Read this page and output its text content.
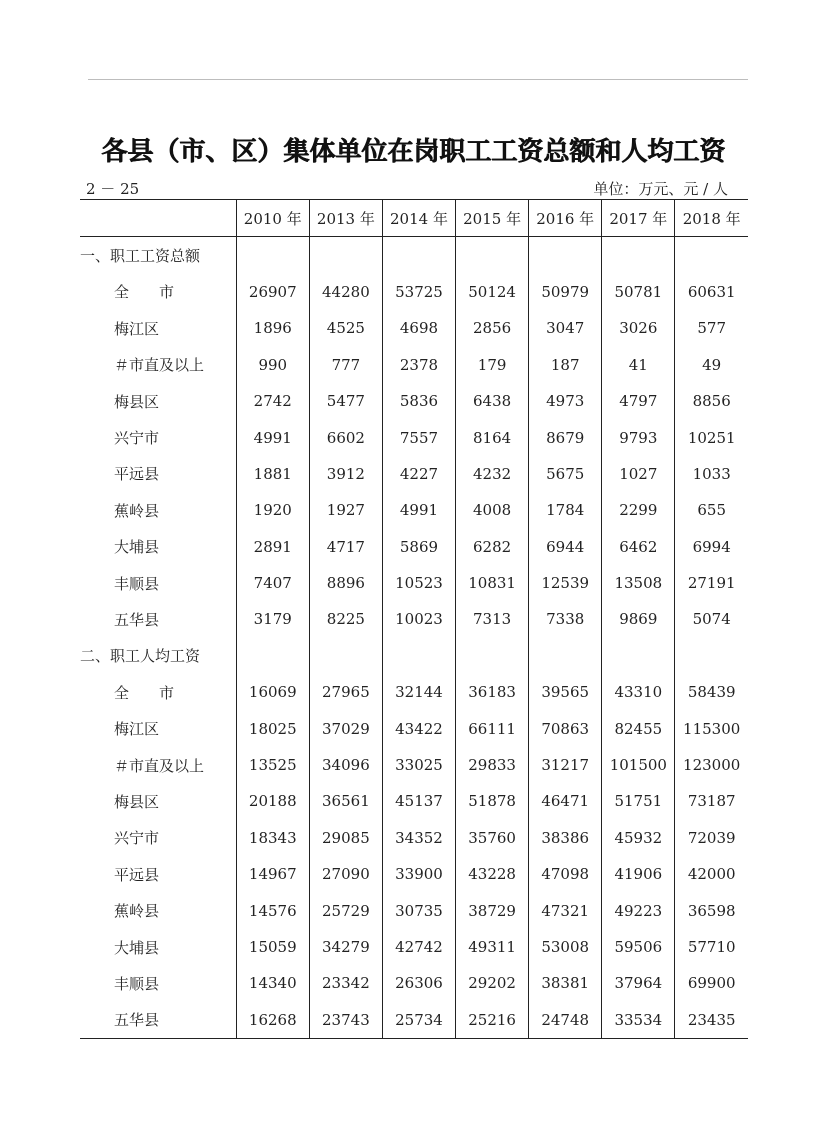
各县（市、区）集体单位在岗职工工资总额和人均工资
2 － 25	单位：万元、元 / 人
	2010 年	2013 年	2014 年	2015 年	2016 年	2017 年	2018 年
一、职工工资总额							
全　　市	26907	44280	53725	50124	50979	50781	60631
梅江区	1896	4525	4698	2856	3047	3026	577
＃市直及以上	990	777	2378	179	187	41	49
梅县区	2742	5477	5836	6438	4973	4797	8856
兴宁市	4991	6602	7557	8164	8679	9793	10251
平远县	1881	3912	4227	4232	5675	1027	1033
蕉岭县	1920	1927	4991	4008	1784	2299	655
大埔县	2891	4717	5869	6282	6944	6462	6994
丰顺县	7407	8896	10523	10831	12539	13508	27191
五华县	3179	8225	10023	7313	7338	9869	5074
二、职工人均工资							
全　　市	16069	27965	32144	36183	39565	43310	58439
梅江区	18025	37029	43422	66111	70863	82455	115300
＃市直及以上	13525	34096	33025	29833	31217	101500	123000
梅县区	20188	36561	45137	51878	46471	51751	73187
兴宁市	18343	29085	34352	35760	38386	45932	72039
平远县	14967	27090	33900	43228	47098	41906	42000
蕉岭县	14576	25729	30735	38729	47321	49223	36598
大埔县	15059	34279	42742	49311	53008	59506	57710
丰顺县	14340	23342	26306	29202	38381	37964	69900
五华县	16268	23743	25734	25216	24748	33534	23435
